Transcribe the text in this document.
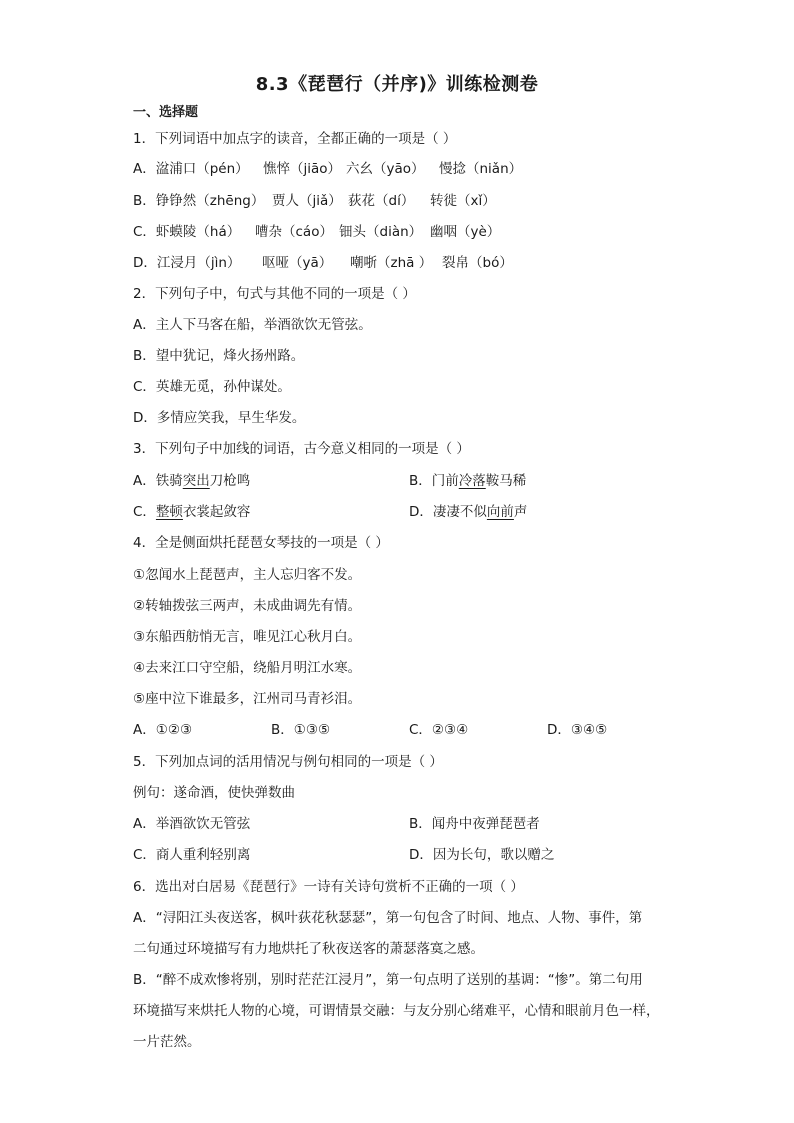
8.3《琵琶行（并序)》训练检测卷
一、选择题
1．下列词语中加点字的读音，全都正确的一项是（ ）
A．湓浦口（pén） 憔悴（jiāo） 六幺（yāo） 慢捻（niǎn）
B．铮铮然（zhēng） 贾人（jiǎ） 荻花（dí） 转徙（xǐ）
C．虾蟆陵（há） 嘈杂（cáo） 钿头（diàn） 幽咽（yè）
D．江浸月（jìn） 呕哑（yā） 嘲哳（zhā ） 裂帛（bó）
2．下列句子中，句式与其他不同的一项是（ ）
A．主人下马客在船，举酒欲饮无管弦。
B．望中犹记，烽火扬州路。
C．英雄无觅，孙仲谋处。
D．多情应笑我，早生华发。
3．下列句子中加线的词语，古今意义相同的一项是（ ）
A．铁骑突出刀枪鸣	B．门前冷落鞍马稀
C．整顿衣裳起敛容	D．凄凄不似向前声
4．全是侧面烘托琵琶女琴技的一项是（ ）
①忽闻水上琵琶声，主人忘归客不发。
②转轴拨弦三两声，未成曲调先有情。
③东船西舫悄无言，唯见江心秋月白。
④去来江口守空船，绕船月明江水寒。
⑤座中泣下谁最多，江州司马青衫泪。
A．①②③	B．①③⑤	C．②③④	D．③④⑤
5．下列加点词的活用情况与例句相同的一项是（ ）
例句：遂命酒，使快弹数曲
A．举酒欲饮无管弦	B．闻舟中夜弹琵琶者
C．商人重利轻别离	D．因为长句，歌以赠之
6．选出对白居易《琵琶行》一诗有关诗句赏析不正确的一项（ ）
A．“浔阳江头夜送客，枫叶荻花秋瑟瑟”，第一句包含了时间、地点、人物、事件，第
二句通过环境描写有力地烘托了秋夜送客的萧瑟落寞之感。
B．“醉不成欢惨将别，别时茫茫江浸月”，第一句点明了送别的基调：“惨”。第二句用
环境描写来烘托人物的心境，可谓情景交融：与友分别心绪难平，心情和眼前月色一样，
一片茫然。
